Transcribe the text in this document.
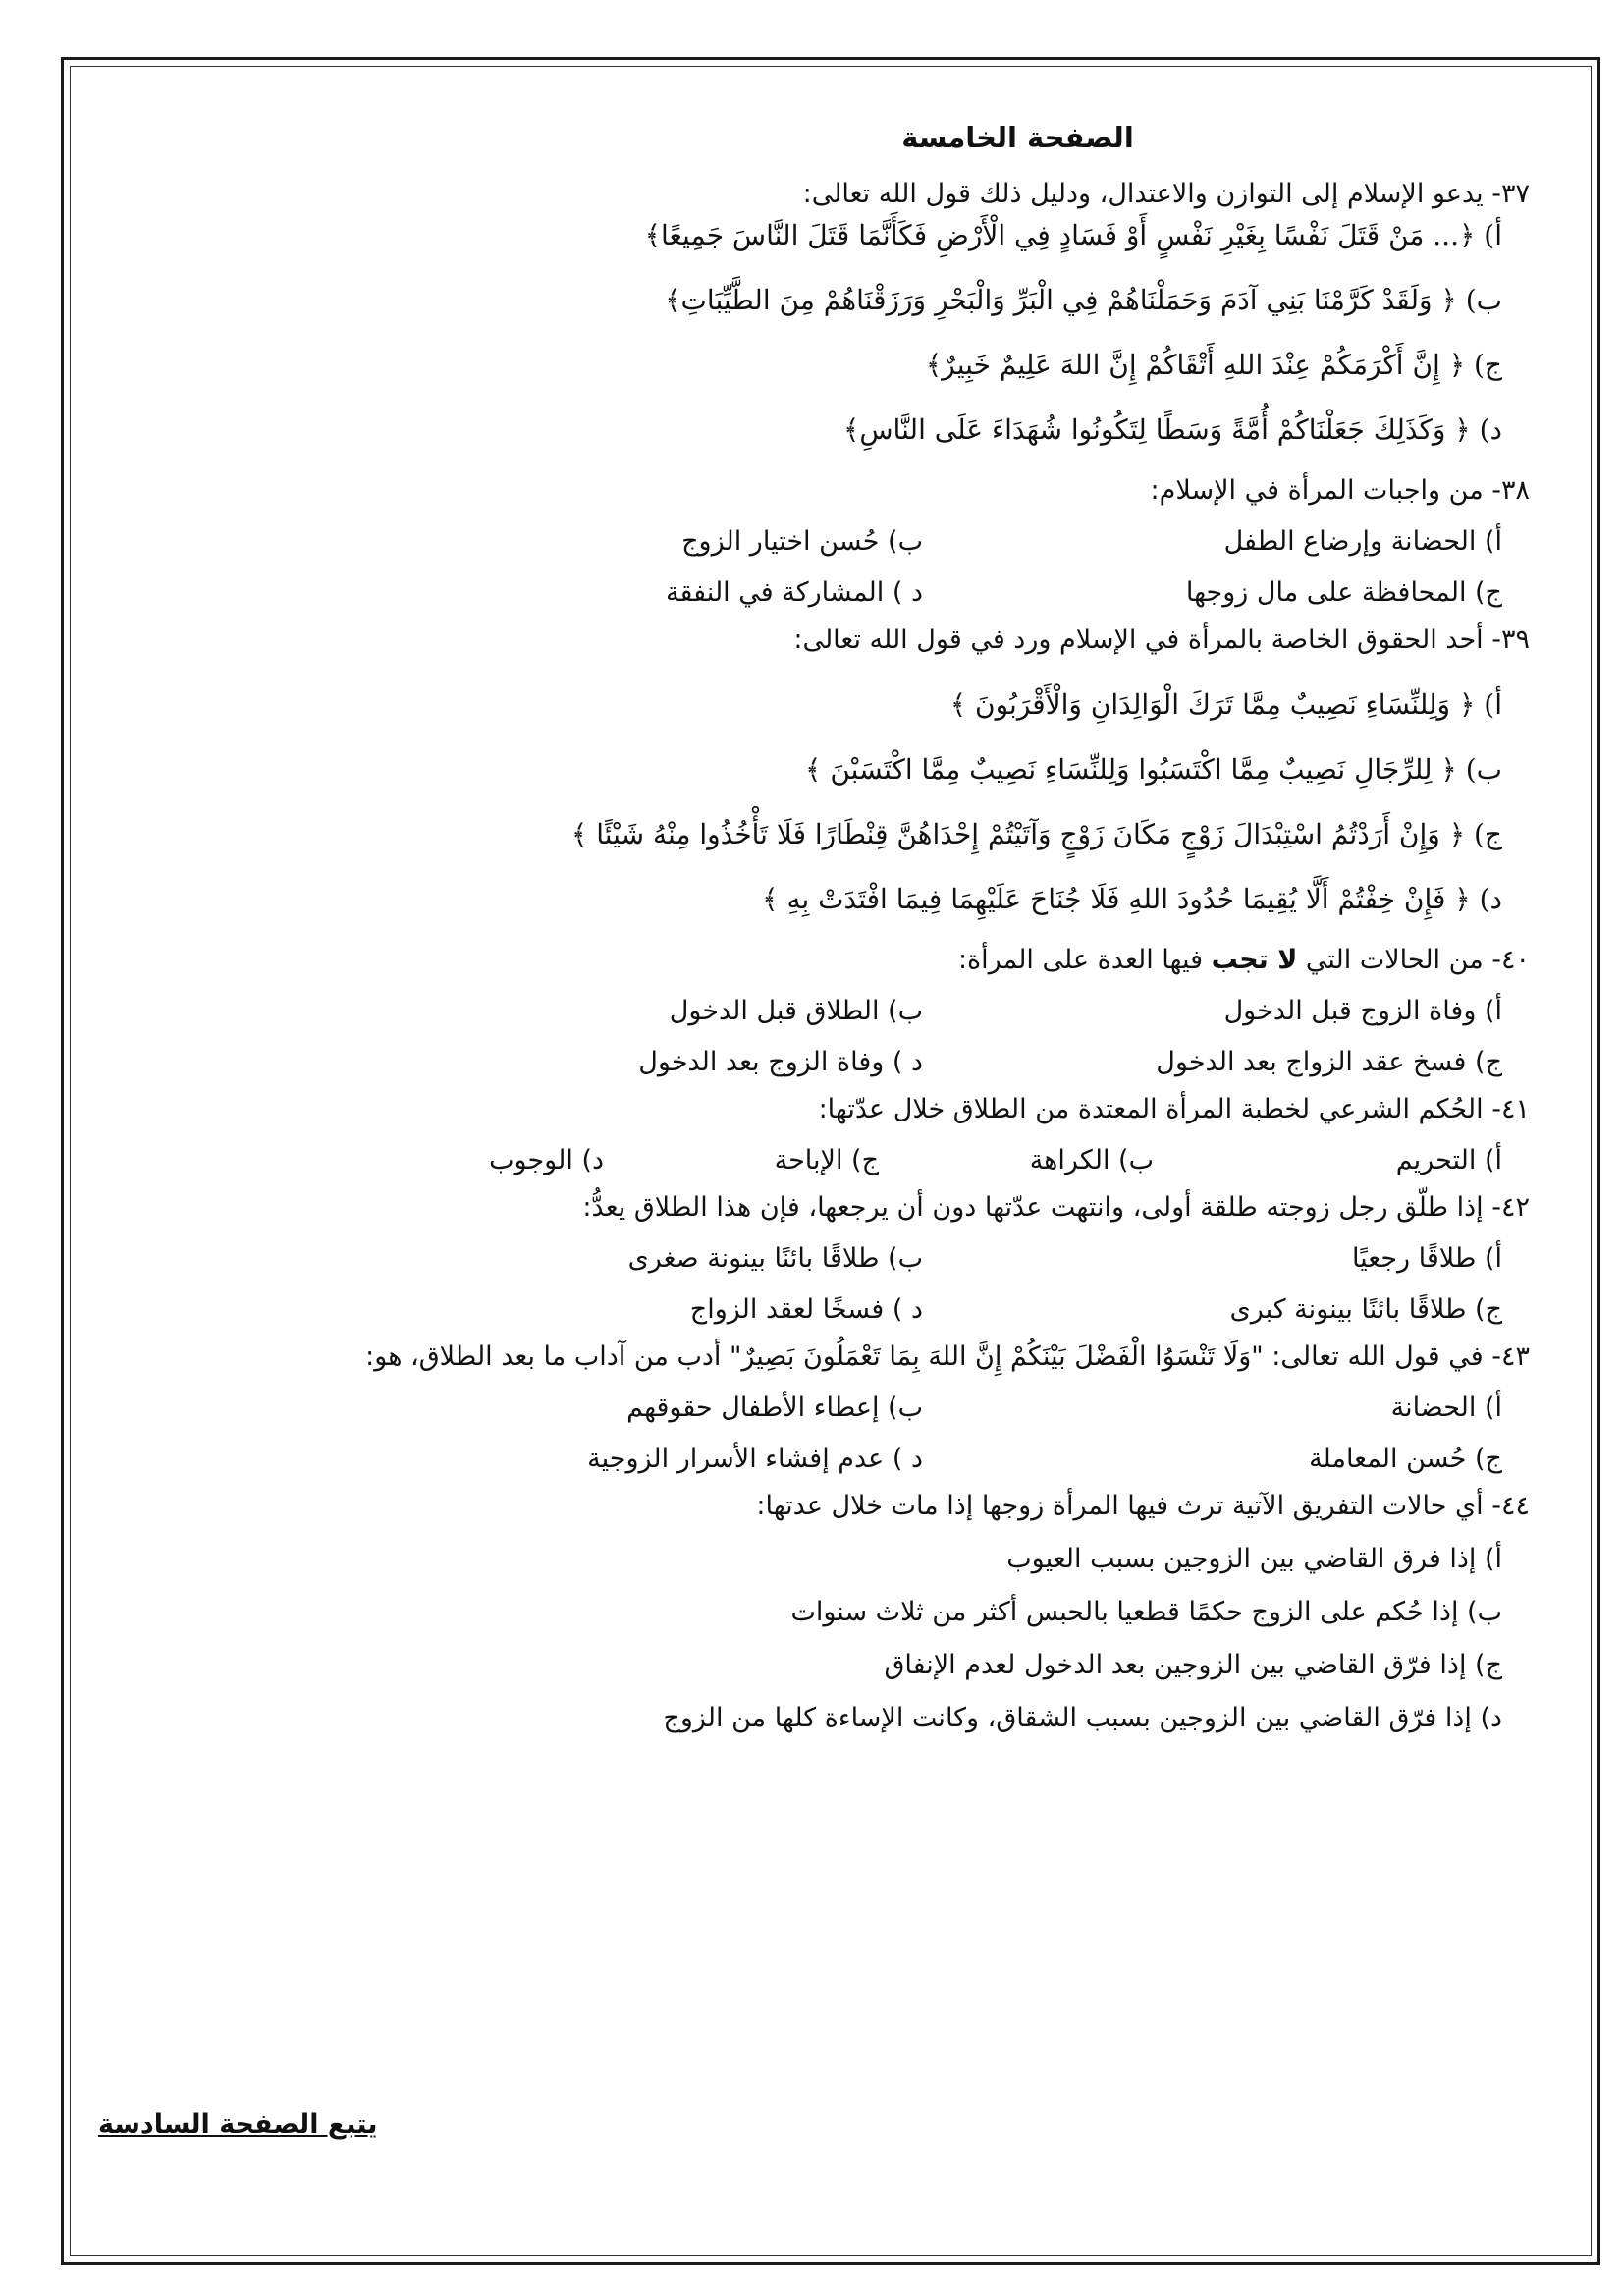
الصفحة الخامسة
٣٧- يدعو الإسلام إلى التوازن والاعتدال، ودليل ذلك قول الله تعالى:
أ) ﴿... مَنْ قَتَلَ نَفْسًا بِغَيْرِ نَفْسٍ أَوْ فَسَادٍ فِي الْأَرْضِ فَكَأَنَّمَا قَتَلَ النَّاسَ جَمِيعًا﴾
ب) ﴿ وَلَقَدْ كَرَّمْنَا بَنِي آدَمَ وَحَمَلْنَاهُمْ فِي الْبَرِّ وَالْبَحْرِ وَرَزَقْنَاهُمْ مِنَ الطَّيِّبَاتِ﴾
ج) ﴿ إِنَّ أَكْرَمَكُمْ عِنْدَ اللهِ أَتْقَاكُمْ إِنَّ اللهَ عَلِيمٌ خَبِيرٌ﴾
د) ﴿ وَكَذَلِكَ جَعَلْنَاكُمْ أُمَّةً وَسَطًا لِتَكُونُوا شُهَدَاءَ عَلَى النَّاسِ﴾
٣٨- من واجبات المرأة في الإسلام:
أ) الحضانة وإرضاع الطفل
ب) حُسن اختيار الزوج
ج) المحافظة على مال زوجها
د ) المشاركة في النفقة
٣٩- أحد الحقوق الخاصة بالمرأة في الإسلام ورد في قول الله تعالى:
أ) ﴿ وَلِلنِّسَاءِ نَصِيبٌ مِمَّا تَرَكَ الْوَالِدَانِ وَالْأَقْرَبُونَ ﴾
ب) ﴿ لِلرِّجَالِ نَصِيبٌ مِمَّا اكْتَسَبُوا وَلِلنِّسَاءِ نَصِيبٌ مِمَّا اكْتَسَبْنَ ﴾
ج) ﴿ وَإِنْ أَرَدْتُمُ اسْتِبْدَالَ زَوْجٍ مَكَانَ زَوْجٍ وَآتَيْتُمْ إِحْدَاهُنَّ قِنْطَارًا فَلَا تَأْخُذُوا مِنْهُ شَيْئًا ﴾
د) ﴿ فَإِنْ خِفْتُمْ أَلَّا يُقِيمَا حُدُودَ اللهِ فَلَا جُنَاحَ عَلَيْهِمَا فِيمَا افْتَدَتْ بِهِ ﴾
٤٠- من الحالات التي لا تجب فيها العدة على المرأة:
أ) وفاة الزوج قبل الدخول
ب) الطلاق قبل الدخول
ج) فسخ عقد الزواج بعد الدخول
د ) وفاة الزوج بعد الدخول
٤١- الحُكم الشرعي لخطبة المرأة المعتدة من الطلاق خلال عدّتها:
أ) التحريم
ب) الكراهة
ج) الإباحة
د) الوجوب
٤٢- إذا طلّق رجل زوجته طلقة أولى، وانتهت عدّتها دون أن يرجعها، فإن هذا الطلاق يعدُّ:
أ) طلاقًا رجعيًا
ب) طلاقًا بائنًا بينونة صغرى
ج) طلاقًا بائنًا بينونة كبرى
د ) فسخًا لعقد الزواج
٤٣- في قول الله تعالى: "وَلَا تَنْسَوُا الْفَضْلَ بَيْنَكُمْ إِنَّ اللهَ بِمَا تَعْمَلُونَ بَصِيرٌ" أدب من آداب ما بعد الطلاق، هو:
أ) الحضانة
ب) إعطاء الأطفال حقوقهم
ج) حُسن المعاملة
د ) عدم إفشاء الأسرار الزوجية
٤٤- أي حالات التفريق الآتية ترث فيها المرأة زوجها إذا مات خلال عدتها:
أ) إذا فرق القاضي بين الزوجين بسبب العيوب
ب) إذا حُكم على الزوج حكمًا قطعيا بالحبس أكثر من ثلاث سنوات
ج) إذا فرّق القاضي بين الزوجين بعد الدخول لعدم الإنفاق
د) إذا فرّق القاضي بين الزوجين بسبب الشقاق، وكانت الإساءة كلها من الزوج
يتبع الصفحة السادسة
